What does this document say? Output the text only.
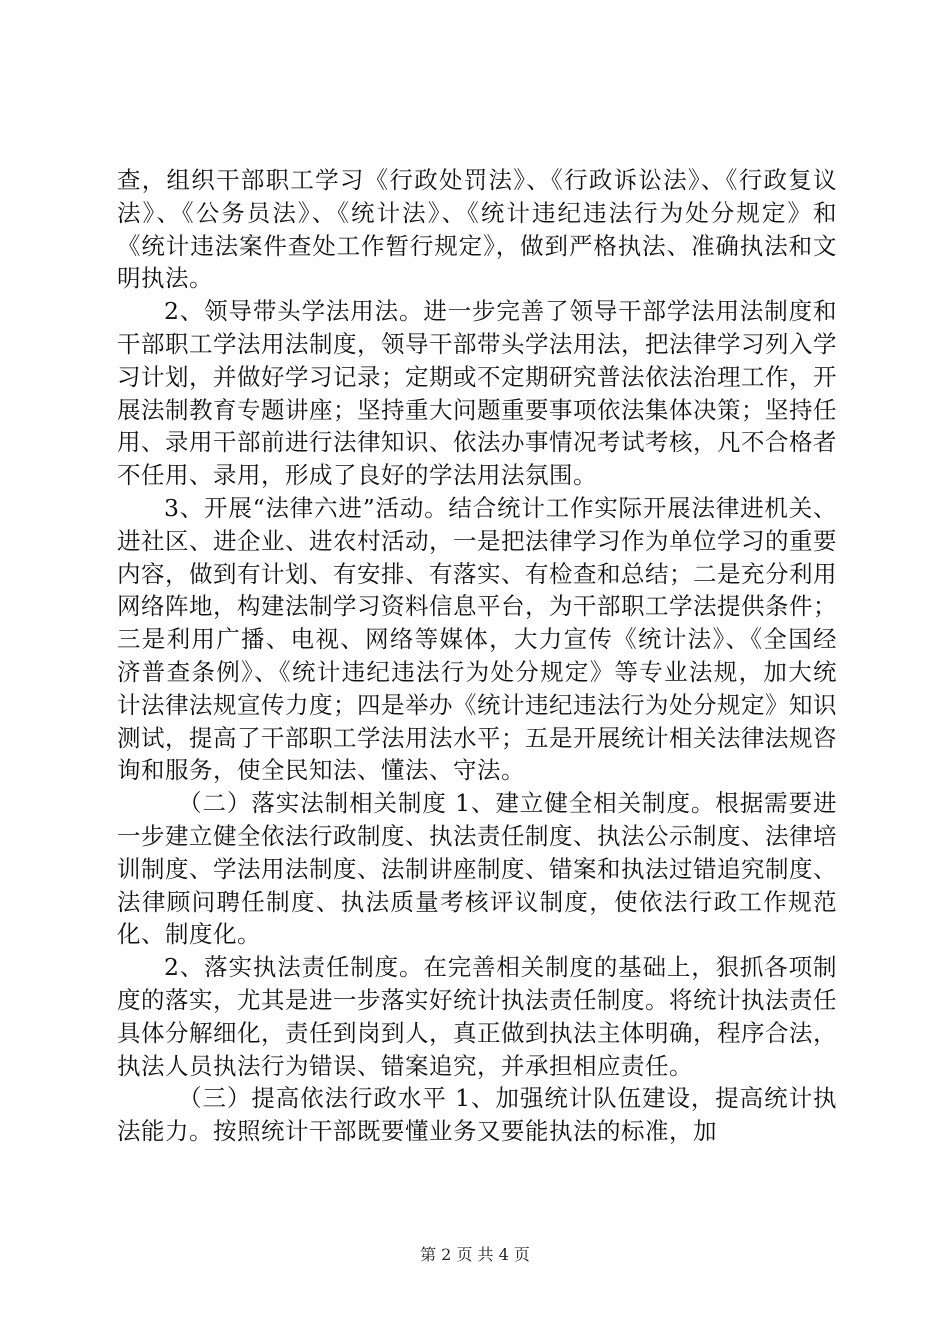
查，组织干部职工学习《行政处罚法》、《行政诉讼法》、《行政复议法》、《公务员法》、《统计法》、《统计违纪违法行为处分规定》和《统计违法案件查处工作暂行规定》，做到严格执法、准确执法和文明执法。

2、领导带头学法用法。进一步完善了领导干部学法用法制度和干部职工学法用法制度，领导干部带头学法用法，把法律学习列入学习计划，并做好学习记录；定期或不定期研究普法依法治理工作，开展法制教育专题讲座；坚持重大问题重要事项依法集体决策；坚持任用、录用干部前进行法律知识、依法办事情况考试考核，凡不合格者不任用、录用，形成了良好的学法用法氛围。

3、开展“法律六进”活动。结合统计工作实际开展法律进机关、进社区、进企业、进农村活动，一是把法律学习作为单位学习的重要内容，做到有计划、有安排、有落实、有检查和总结；二是充分利用网络阵地，构建法制学习资料信息平台，为干部职工学法提供条件；三是利用广播、电视、网络等媒体，大力宣传《统计法》、《全国经济普查条例》、《统计违纪违法行为处分规定》等专业法规，加大统计法律法规宣传力度；四是举办《统计违纪违法行为处分规定》知识测试，提高了干部职工学法用法水平；五是开展统计相关法律法规咨询和服务，使全民知法、懂法、守法。

（二）落实法制相关制度 1、建立健全相关制度。根据需要进一步建立健全依法行政制度、执法责任制度、执法公示制度、法律培训制度、学法用法制度、法制讲座制度、错案和执法过错追究制度、法律顾问聘任制度、执法质量考核评议制度，使依法行政工作规范化、制度化。

2、落实执法责任制度。在完善相关制度的基础上，狠抓各项制度的落实，尤其是进一步落实好统计执法责任制度。将统计执法责任具体分解细化，责任到岗到人，真正做到执法主体明确，程序合法，执法人员执法行为错误、错案追究，并承担相应责任。

（三）提高依法行政水平 1、加强统计队伍建设，提高统计执法能力。按照统计干部既要懂业务又要能执法的标准，加

第 2 页 共 4 页
